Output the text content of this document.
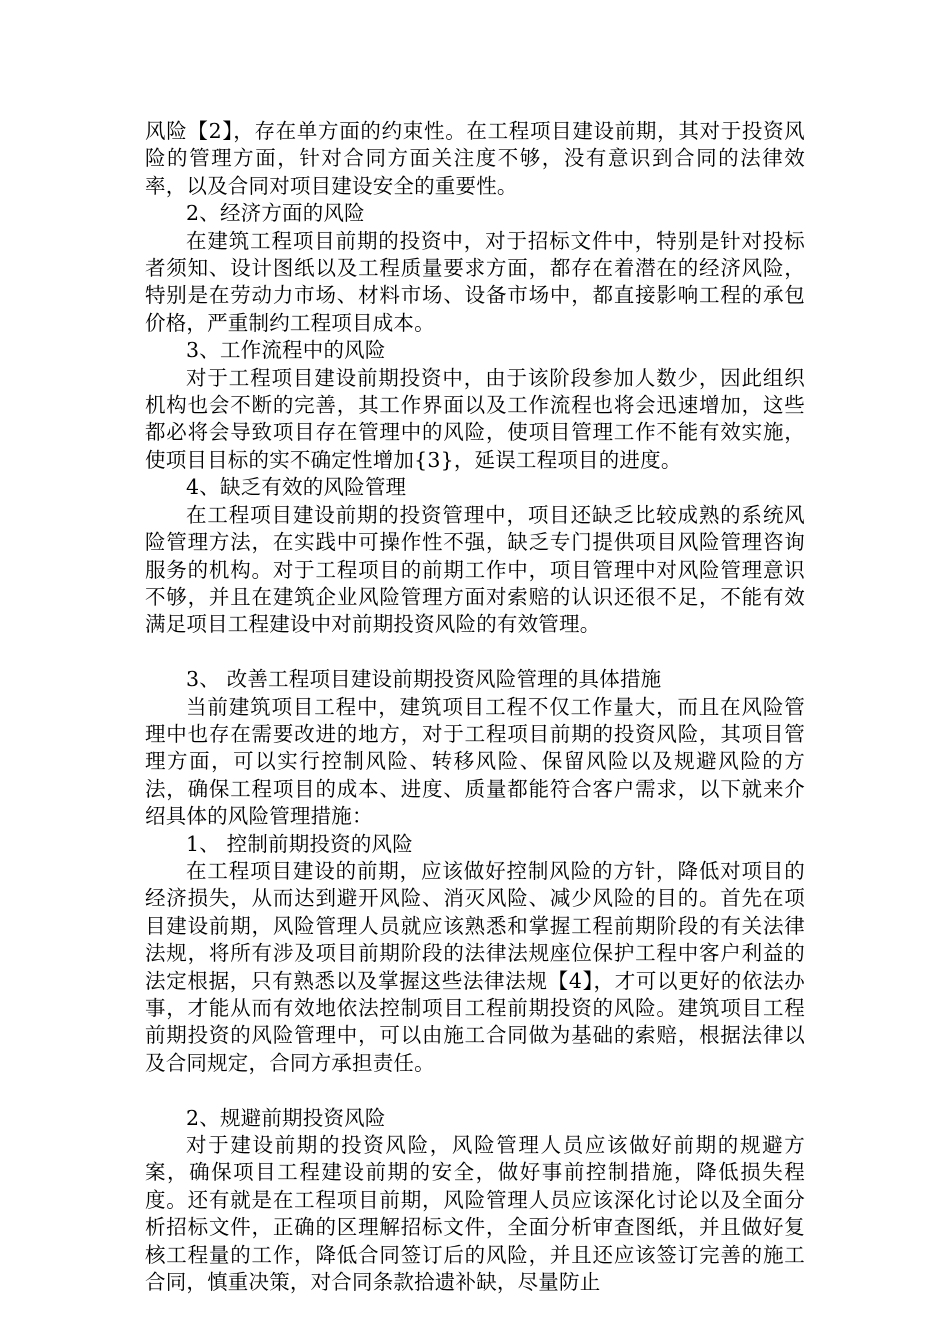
风险【2】，存在单方面的约束性。在工程项目建设前期，其对于投资风险的管理方面，针对合同方面关注度不够，没有意识到合同的法律效率，以及合同对项目建设安全的重要性。

2、经济方面的风险

在建筑工程项目前期的投资中，对于招标文件中，特别是针对投标者须知、设计图纸以及工程质量要求方面，都存在着潜在的经济风险，特别是在劳动力市场、材料市场、设备市场中，都直接影响工程的承包价格，严重制约工程项目成本。

3、工作流程中的风险

对于工程项目建设前期投资中，由于该阶段参加人数少，因此组织机构也会不断的完善，其工作界面以及工作流程也将会迅速增加，这些都必将会导致项目存在管理中的风险，使项目管理工作不能有效实施，使项目目标的实不确定性增加{3}，延误工程项目的进度。

4、缺乏有效的风险管理

在工程项目建设前期的投资管理中，项目还缺乏比较成熟的系统风险管理方法，在实践中可操作性不强，缺乏专门提供项目风险管理咨询服务的机构。对于工程项目的前期工作中，项目管理中对风险管理意识不够，并且在建筑企业风险管理方面对索赔的认识还很不足，不能有效满足项目工程建设中对前期投资风险的有效管理。

3、 改善工程项目建设前期投资风险管理的具体措施

当前建筑项目工程中，建筑项目工程不仅工作量大，而且在风险管理中也存在需要改进的地方，对于工程项目前期的投资风险，其项目管理方面，可以实行控制风险、转移风险、保留风险以及规避风险的方法，确保工程项目的成本、进度、质量都能符合客户需求，以下就来介绍具体的风险管理措施：

1、 控制前期投资的风险

在工程项目建设的前期，应该做好控制风险的方针，降低对项目的经济损失，从而达到避开风险、消灭风险、减少风险的目的。首先在项目建设前期，风险管理人员就应该熟悉和掌握工程前期阶段的有关法律法规，将所有涉及项目前期阶段的法律法规座位保护工程中客户利益的法定根据，只有熟悉以及掌握这些法律法规【4】，才可以更好的依法办事，才能从而有效地依法控制项目工程前期投资的风险。建筑项目工程前期投资的风险管理中，可以由施工合同做为基础的索赔，根据法律以及合同规定，合同方承担责任。

2、规避前期投资风险

对于建设前期的投资风险，风险管理人员应该做好前期的规避方案，确保项目工程建设前期的安全，做好事前控制措施，降低损失程度。还有就是在工程项目前期，风险管理人员应该深化讨论以及全面分析招标文件，正确的区理解招标文件，全面分析审查图纸，并且做好复核工程量的工作，降低合同签订后的风险，并且还应该签订完善的施工合同，慎重决策，对合同条款拾遗补缺，尽量防止
